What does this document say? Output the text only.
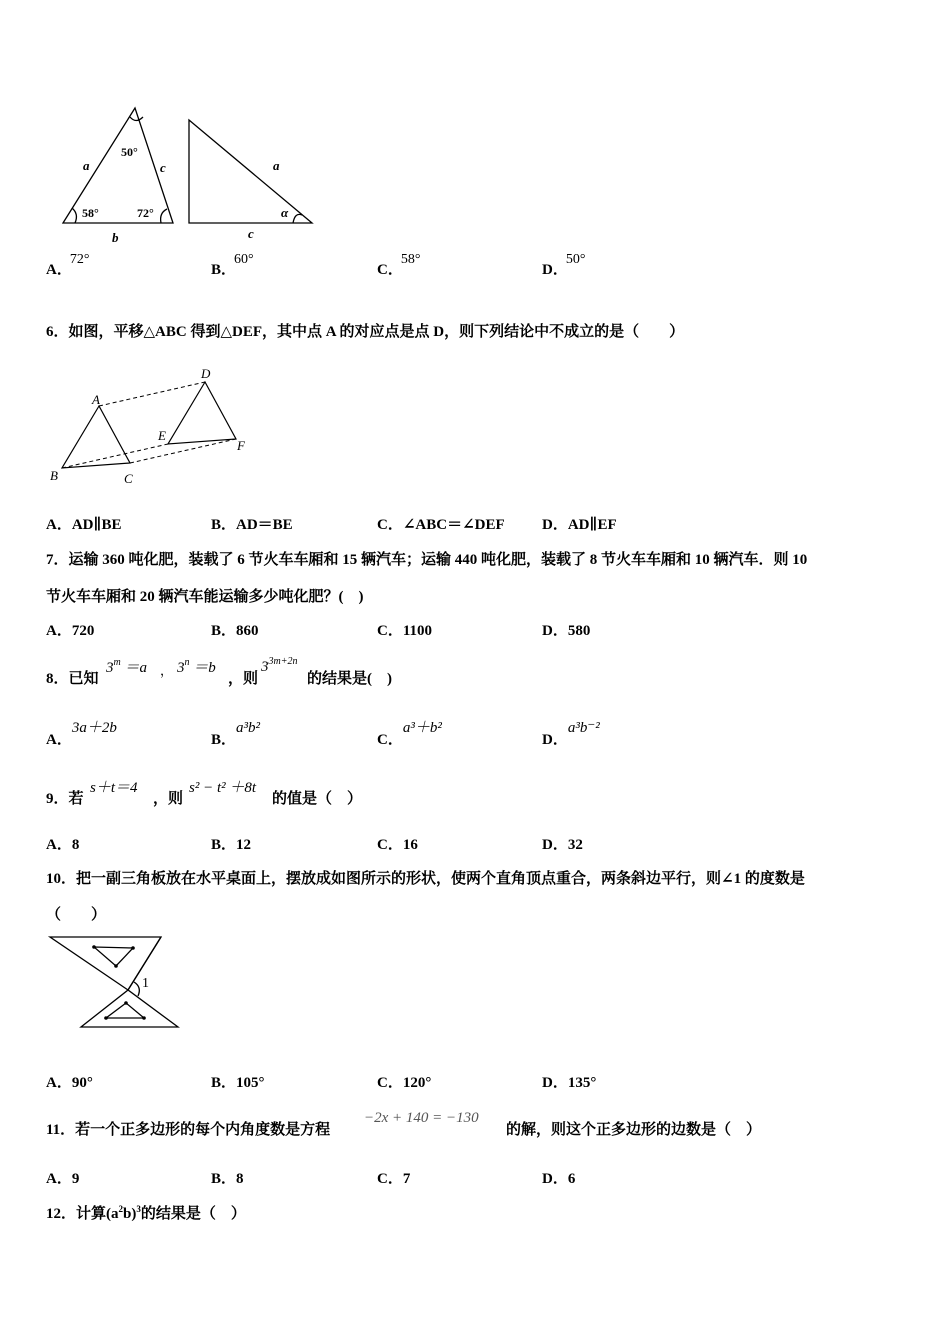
a	c
b
a
c
α
50°
58°	72°
A．72°
B．60°
C．58°
D．50°
6．如图，平移△ABC 得到△DEF，其中点 A 的对应点是点 D，则下列结论中不成立的是（　　）
A
B	C
D
E
F
A．AD∥BE	B．AD＝BE	C．∠ABC＝∠DEF D．AD∥EF
7．运输 360 吨化肥，装载了 6 节火车车厢和 15 辆汽车；运输 440 吨化肥，装载了 8 节火车车厢和 10 辆汽车．则 10
节火车车厢和 20 辆汽车能运输多少吨化肥？(　)
A．720	B．860	C．1100	D．580
8．已知
$3^m =a$ ， $3^n =b$
，则
$3^{3m+2n}$
的结果是(　)
A．3a＋2b
B．a³b²
C．a³＋b²
D．a³b⁻²
9．若
s＋t＝4
，则
s² − t² ＋8t
的值是（　）
A．8	B．12	C．16	D．32
10．把一副三角板放在水平桌面上，摆放成如图所示的形状，使两个直角顶点重合，两条斜边平行，则∠1 的度数是
（　　）
1
A．90°	B．105°	C．120°	D．135°
11．若一个正多边形的每个内角度数是方程
−2x + 140 = −130
的解，则这个正多边形的边数是（　）
A．9	B．8	C．7	D．6
12．计算$(a^2b)^3$的结果是（　）
